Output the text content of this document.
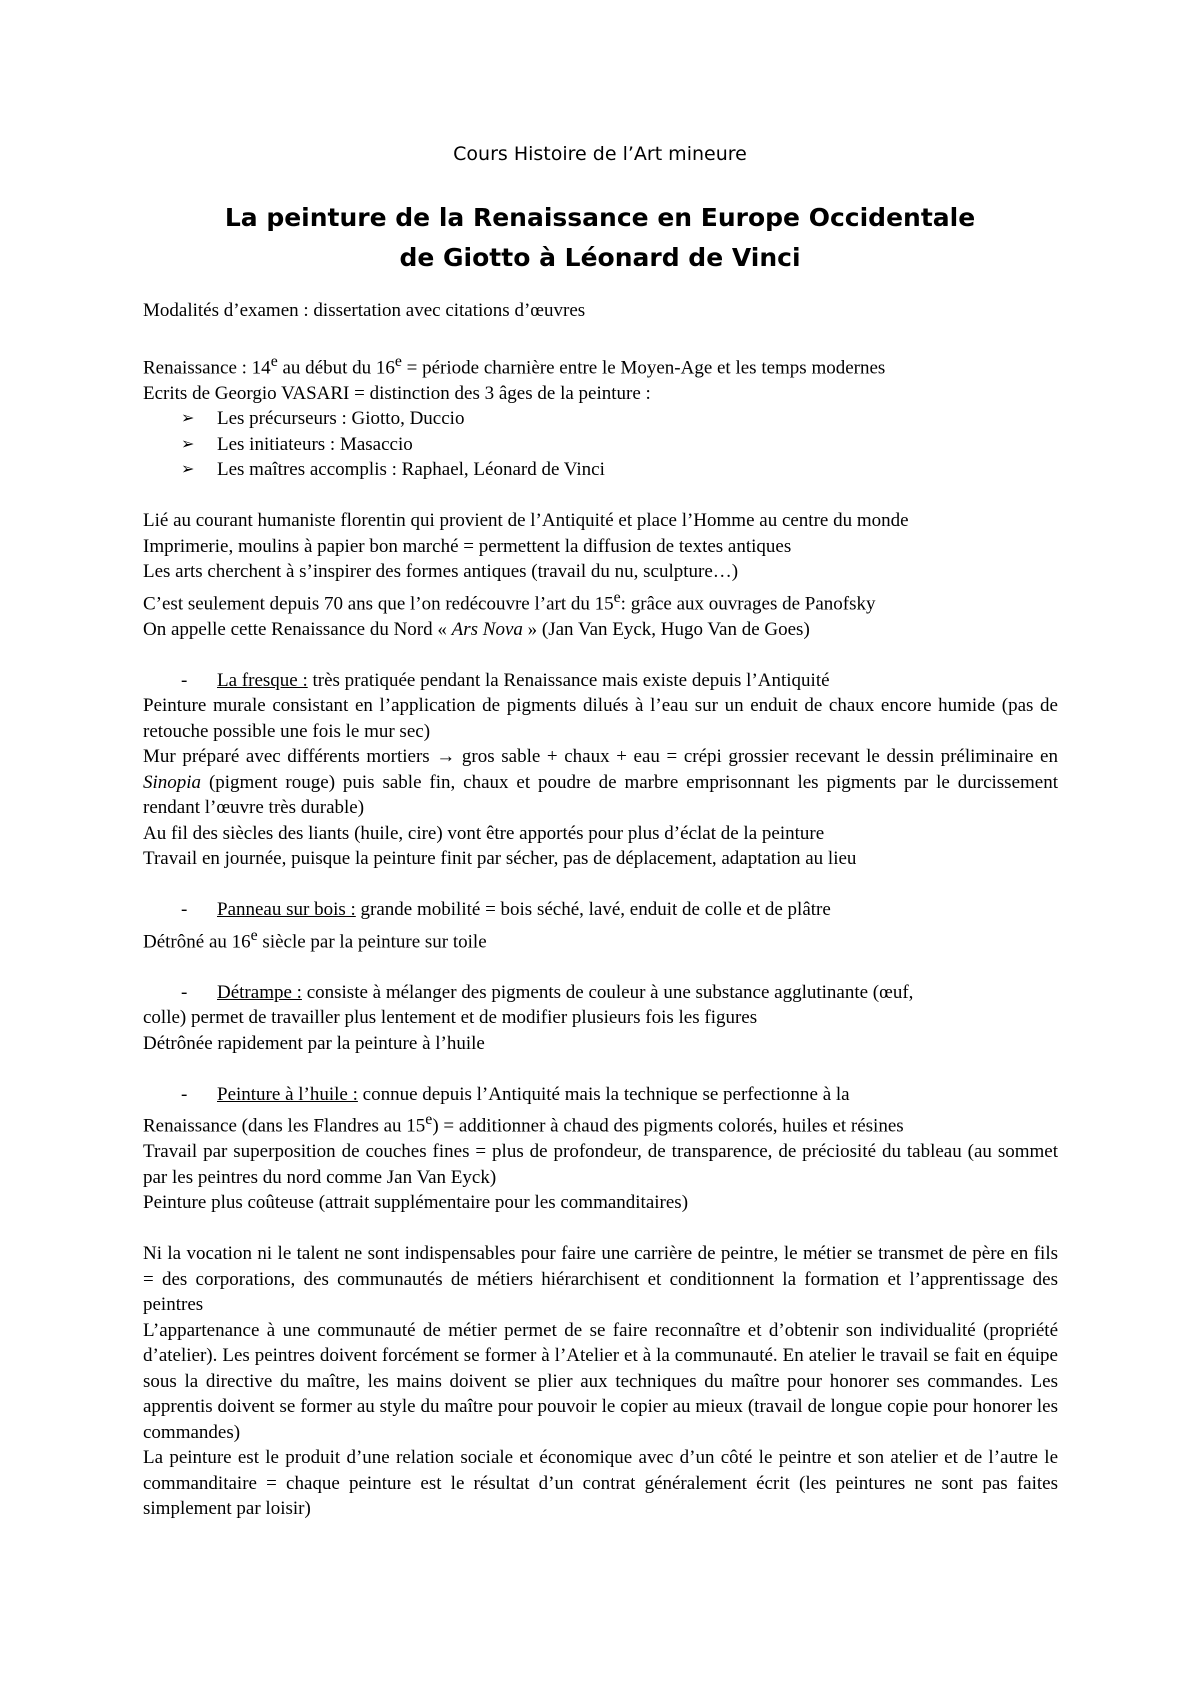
Cours Histoire de l’Art mineure
La peinture de la Renaissance en Europe Occidentale
de Giotto à Léonard de Vinci

Modalités d’examen : dissertation avec citations d’œuvres

Renaissance : 14e au début du $16^e$ = période charnière entre le Moyen-Age et les temps modernes

Ecrits de Georgio VASARI = distinction des 3 âges de la peinture :

➢ Les précurseurs : Giotto, Duccio

➢ Les initiateurs : Masaccio

➢ Les maîtres accomplis : Raphael, Léonard de Vinci

Lié au courant humaniste florentin qui provient de l’Antiquité et place l’Homme au centre du monde

Imprimerie, moulins à papier bon marché = permettent la diffusion de textes antiques

Les arts cherchent à s’inspirer des formes antiques (travail du nu, sculpture…)

C’est seulement depuis 70 ans que l’on redécouvre l’art du 15e: grâce aux ouvrages de Panofsky

On appelle cette Renaissance du Nord « Ars Nova » (Jan Van Eyck, Hugo Van de Goes)

- La fresque : très pratiquée pendant la Renaissance mais existe depuis l’Antiquité

Peinture murale consistant en l’application de pigments dilués à l’eau sur un enduit de chaux encore humide (pas de retouche possible une fois le mur sec)

Mur préparé avec différents mortiers → gros sable + chaux + eau = crépi grossier recevant le dessin préliminaire en Sinopia (pigment rouge) puis sable fin, chaux et poudre de marbre emprisonnant les pigments par le durcissement rendant l’œuvre très durable)

Au fil des siècles des liants (huile, cire) vont être apportés pour plus d’éclat de la peinture

Travail en journée, puisque la peinture finit par sécher, pas de déplacement, adaptation au lieu

- Panneau sur bois : grande mobilité = bois séché, lavé, enduit de colle et de plâtre

Détrôné au 16e siècle par la peinture sur toile

- Détrampe : consiste à mélanger des pigments de couleur à une substance agglutinante (œuf,

colle) permet de travailler plus lentement et de modifier plusieurs fois les figures

Détrônée rapidement par la peinture à l’huile

- Peinture à l’huile : connue depuis l’Antiquité mais la technique se perfectionne à la

Renaissance (dans les Flandres au $15^e$) = additionner à chaud des pigments colorés, huiles et résines

Travail par superposition de couches fines = plus de profondeur, de transparence, de préciosité du tableau (au sommet par les peintres du nord comme Jan Van Eyck)

Peinture plus coûteuse (attrait supplémentaire pour les commanditaires)

Ni la vocation ni le talent ne sont indispensables pour faire une carrière de peintre, le métier se transmet de père en fils = des corporations, des communautés de métiers hiérarchisent et conditionnent la formation et l’apprentissage des peintres

L’appartenance à une communauté de métier permet de se faire reconnaître et d’obtenir son individualité (propriété d’atelier). Les peintres doivent forcément se former à l’Atelier et à la communauté. En atelier le travail se fait en équipe sous la directive du maître, les mains doivent se plier aux techniques du maître pour honorer ses commandes. Les apprentis doivent se former au style du maître pour pouvoir le copier au mieux (travail de longue copie pour honorer les commandes)

La peinture est le produit d’une relation sociale et économique avec d’un côté le peintre et son atelier et de l’autre le commanditaire = chaque peinture est le résultat d’un contrat généralement écrit (les peintures ne sont pas faites simplement par loisir)
